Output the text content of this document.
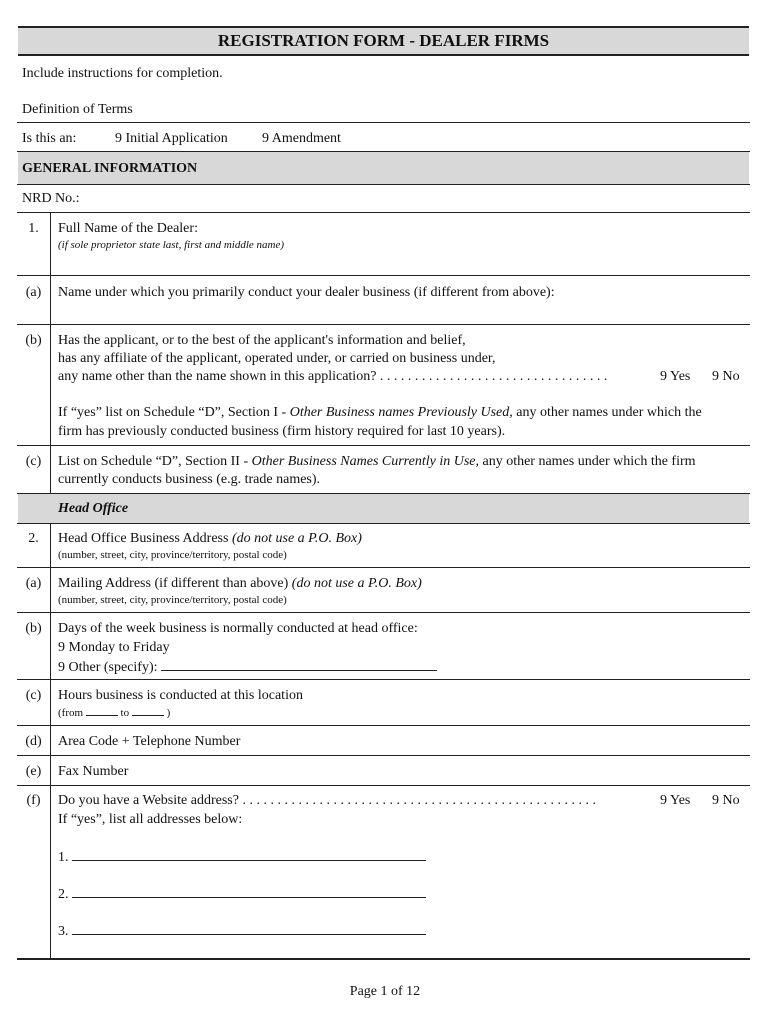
REGISTRATION FORM - DEALER FIRMS
Include instructions for completion.
Definition of Terms
Is this an:	9 Initial Application 9 Amendment
GENERAL INFORMATION
NRD No.:
1.	Full Name of the Dealer:
(if sole proprietor state last, first and middle name)
(a)	Name under which you primarily conduct your dealer business (if different from above):
(b)	Has the applicant, or to the best of the applicant's information and belief,
has any affiliate of the applicant, operated under, or carried on business under,
any name other than the name shown in this application? . . . . . . . . . . . . . . . . . . . . . . . . . . . . . . . . .	9 Yes 9 No
If “yes” list on Schedule “D”, Section I - Other Business names Previously Used, any other names under which the
firm has previously conducted business (firm history required for last 10 years).
(c)	List on Schedule “D”, Section II - Other Business Names Currently in Use, any other names under which the firm
currently conducts business (e.g. trade names).
Head Office
2.	Head Office Business Address (do not use a P.O. Box)
(number, street, city, province/territory, postal code)
(a)	Mailing Address (if different than above) (do not use a P.O. Box)
(number, street, city, province/territory, postal code)
(b)	Days of the week business is normally conducted at head office:
9 Monday to Friday
9 Other (specify):
(c)	Hours business is conducted at this location
(from	to	)
(d)	Area Code + Telephone Number
(e)	Fax Number
(f)	Do you have a Website address? . . . . . . . . . . . . . . . . . . . . . . . . . . . . . . . . . . . . . . . . . . . . . . . . . . .	9 Yes 9 No
If “yes”, list all addresses below:
1.
2.
3.
Page 1 of 12
